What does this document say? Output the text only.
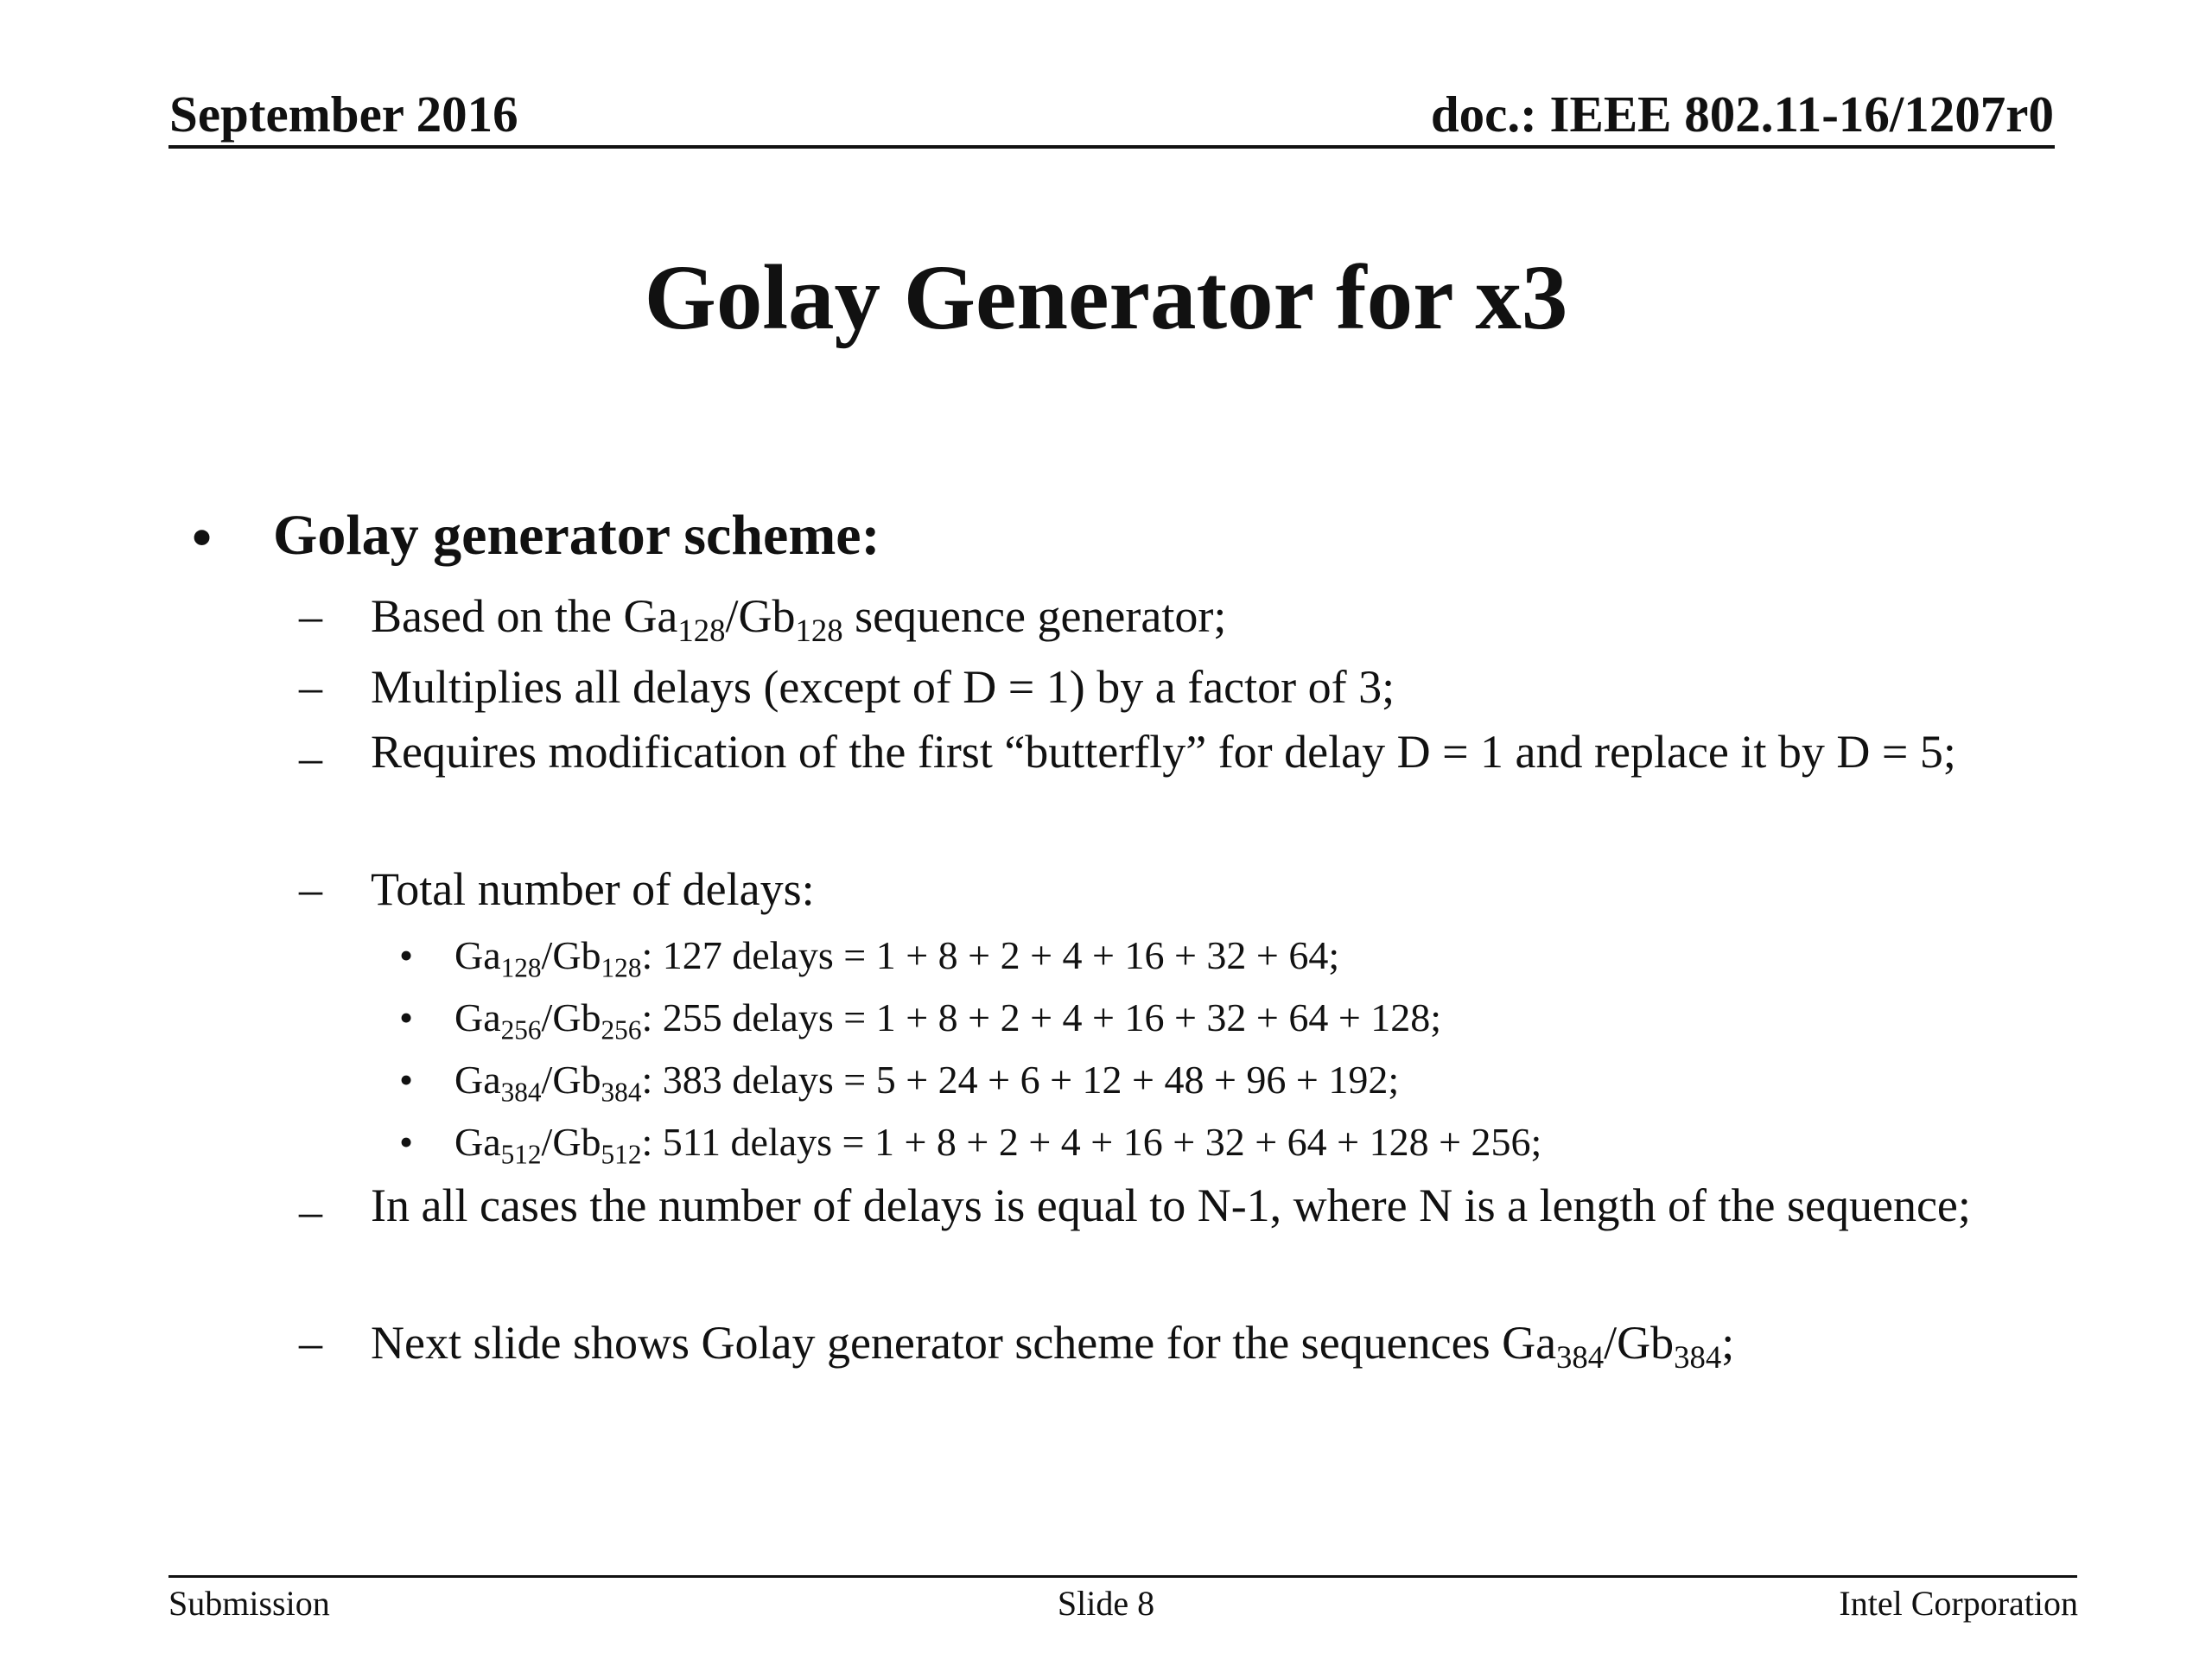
September 2016	doc.: IEEE 802.11-16/1207r0
Golay Generator for x3
• Golay generator scheme:
– Based on the $Ga_{128}/Gb_{128}$ sequence generator;
– Multiplies all delays (except of D = 1) by a factor of 3;
– Requires modification of the first “butterfly” for delay D = 1 and replace it by D = 5;
– Total number of delays:
• $Ga_{128}/Gb_{128}$: 127 delays = 1 + 8 + 2 + 4 + 16 + 32 + 64;
• $Ga_{256}/Gb_{256}$: 255 delays = 1 + 8 + 2 + 4 + 16 + 32 + 64 + 128;
• $Ga_{384}/Gb_{384}$: 383 delays = 5 + 24 + 6 + 12 + 48 + 96 + 192;
• $Ga_{512}/Gb_{512}$: 511 delays = 1 + 8 + 2 + 4 + 16 + 32 + 64 + 128 + 256;
– In all cases the number of delays is equal to N-1, where N is a length of the sequence;
– Next slide shows Golay generator scheme for the sequences $Ga_{384}/Gb_{384}$;
Submission	Slide 8	Intel Corporation
